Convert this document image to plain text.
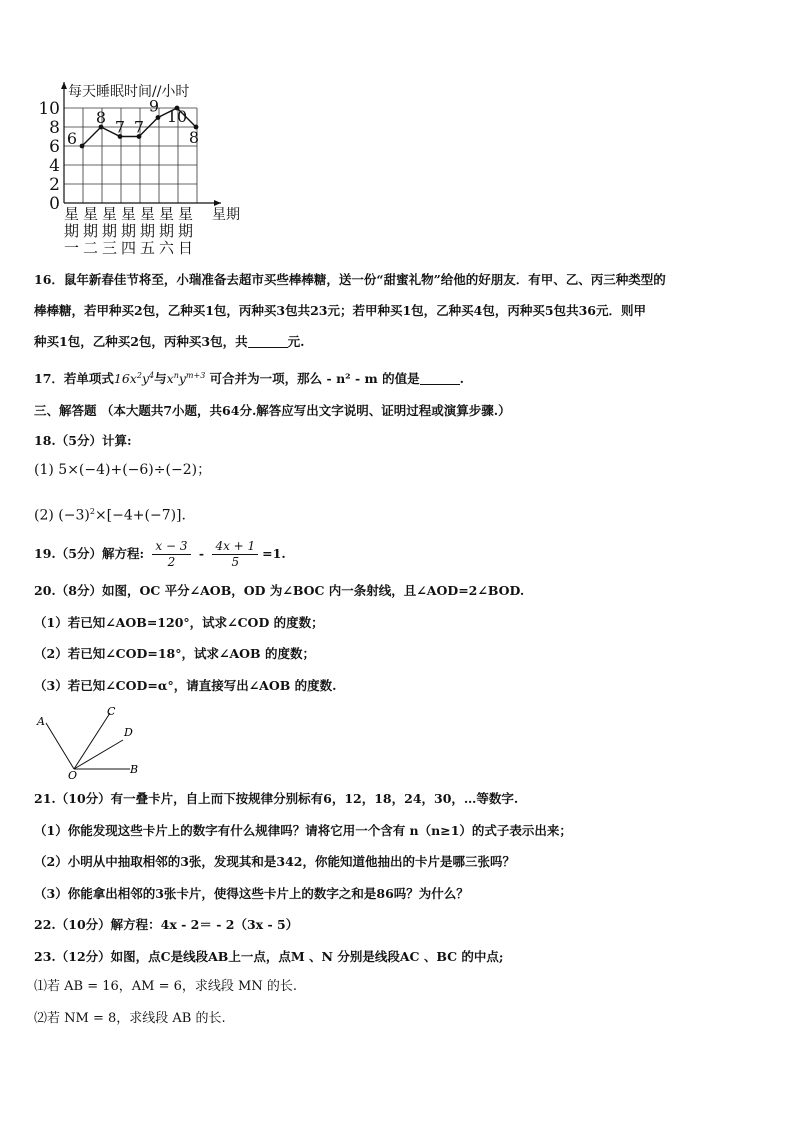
0
2
4
6
8
10
6
8 7 7
9
10
8
星 星 星 星 星 星 星
期 期 期 期 期 期 期
一 二 三 四 五 六 日
每天睡眠时间//小时
星期
16．鼠年新春佳节将至，小瑞准备去超市买些棒棒糖，送一份“甜蜜礼物”给他的好朋友．有甲、乙、丙三种类型的
棒棒糖，若甲种买2包，乙种买1包，丙种买3包共23元；若甲种买1包，乙种买4包，丙种买5包共36元．则甲
种买1包，乙种买2包，丙种买3包，共	元.
17．若单项式$16x^2y^4$与$x^ny^{m+3}$ 可合并为一项，那么 - n² - m 的值是	.
三、解答题 （本大题共7小题，共64分.解答应写出文字说明、证明过程或演算步骤.）
18.（5分）计算:
(1) 5×(−4)+(−6)÷(−2)；
(2) $(-3)^2\times[-4+(-7)]$.
19.（5分）解方程: $\frac{x - 3}{2} - \frac{4x + 1}{5} =1$.
20.（8分）如图，OC 平分∠AOB，OD 为∠BOC 内一条射线，且∠AOD=2∠BOD.
（1）若已知∠AOB=120°，试求∠COD 的度数；
（2）若已知∠COD=18°，试求∠AOB 的度数；
（3）若已知∠COD=α°，请直接写出∠AOB 的度数.
A
C
D
O	B
21.（10分）有一叠卡片，自上而下按规律分别标有6，12，18，24，30，…等数字.
（1）你能发现这些卡片上的数字有什么规律吗？请将它用一个含有 n（n≥1）的式子表示出来；
（2）小明从中抽取相邻的3张，发现其和是342，你能知道他抽出的卡片是哪三张吗？
（3）你能拿出相邻的3张卡片，使得这些卡片上的数字之和是86吗？为什么？
22.（10分）解方程：4x - 2＝ - 2（3x - 5）
23.（12分）如图，点C是线段AB上一点，点M 、N 分别是线段AC 、BC 的中点;
⑴若 AB = 16，AM = 6，求线段 MN 的长.
⑵若 NM = 8，求线段 AB 的长.
